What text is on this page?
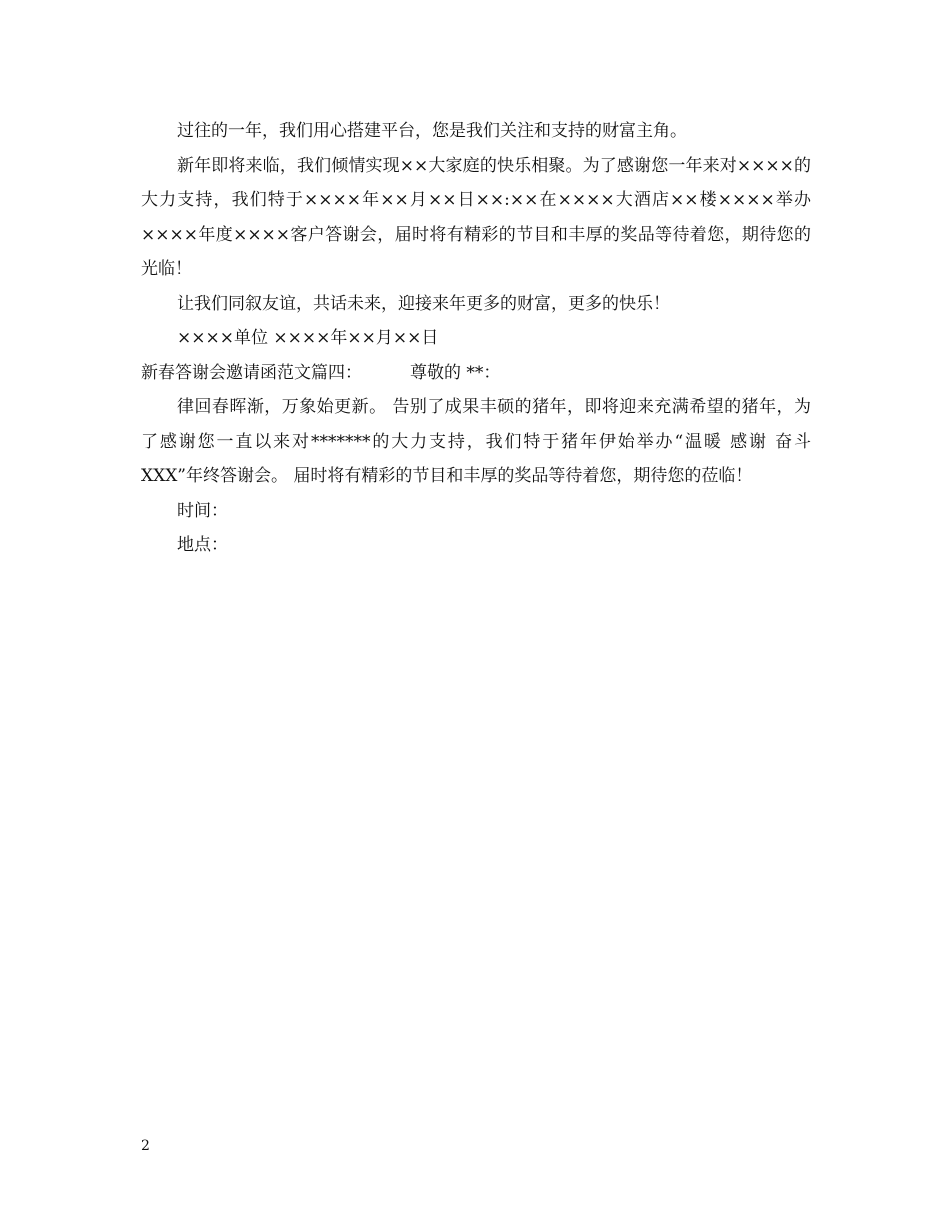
过往的一年，我们用心搭建平台，您是我们关注和支持的财富主角。

新年即将来临，我们倾情实现××大家庭的快乐相聚。为了感谢您一年来对××××的大力支持，我们特于××××年××月××日××:××在××××大酒店××楼××××举办××××年度××××客户答谢会，届时将有精彩的节目和丰厚的奖品等待着您，期待您的光临！

让我们同叙友谊，共话未来，迎接来年更多的财富，更多的快乐！

××××单位 ××××年××月××日

新春答谢会邀请函范文篇四：	尊敬的 **：

律回春晖渐，万象始更新。 告别了成果丰硕的猪年，即将迎来充满希望的猪年，为了感谢您一直以来对*******的大力支持，我们特于猪年伊始举办“温暖 感谢 奋斗 XXX”年终答谢会。 届时将有精彩的节目和丰厚的奖品等待着您，期待您的莅临！

时间：

地点：

2
